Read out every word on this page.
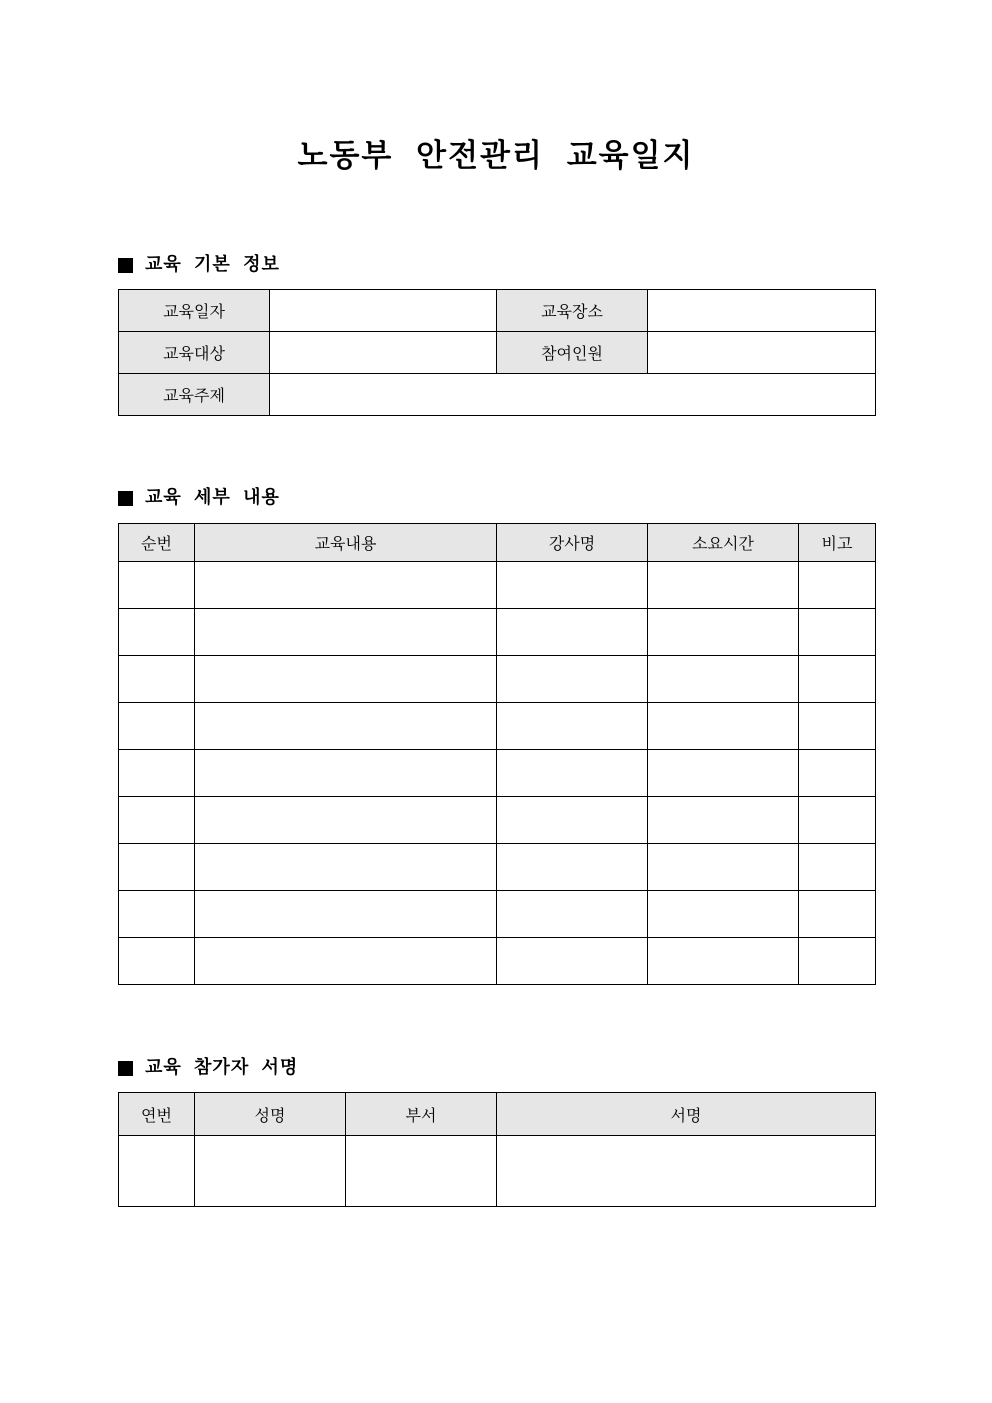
노동부 안전관리 교육일지
교육 기본 정보
교육일자		교육장소	
교육대상		참여인원	
교육주제			
교육 세부 내용
순번	교육내용	강사명	소요시간	비고

교육 참가자 서명
연번	성명	부서	서명
